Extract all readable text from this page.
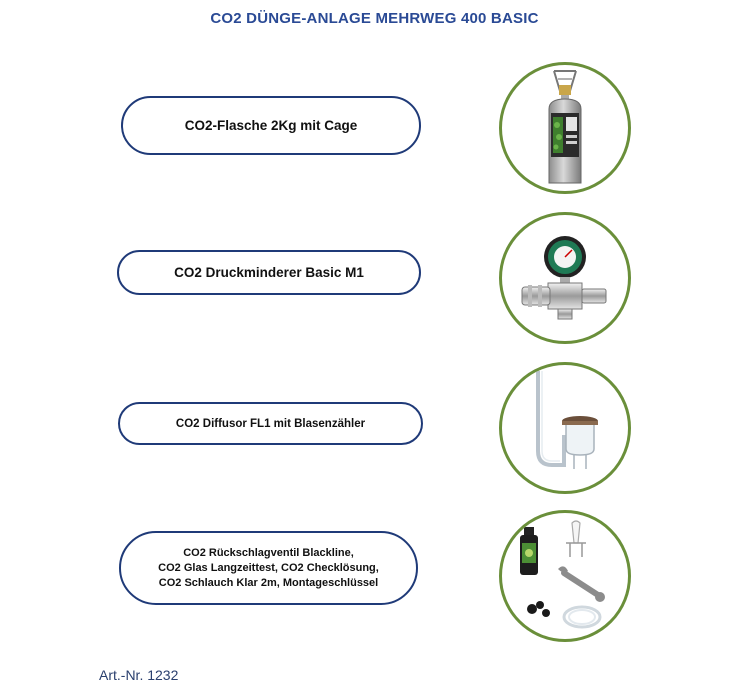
CO2 DÜNGE-ANLAGE MEHRWEG 400 BASIC
CO2-Flasche 2Kg mit Cage
CO2 Druckminderer Basic M1
CO2 Diffusor FL1 mit Blasenzähler
CO2 Rückschlagventil Blackline,
CO2 Glas Langzeittest, CO2 Checklösung,
CO2 Schlauch Klar 2m, Montageschlüssel
Art.-Nr. 1232
